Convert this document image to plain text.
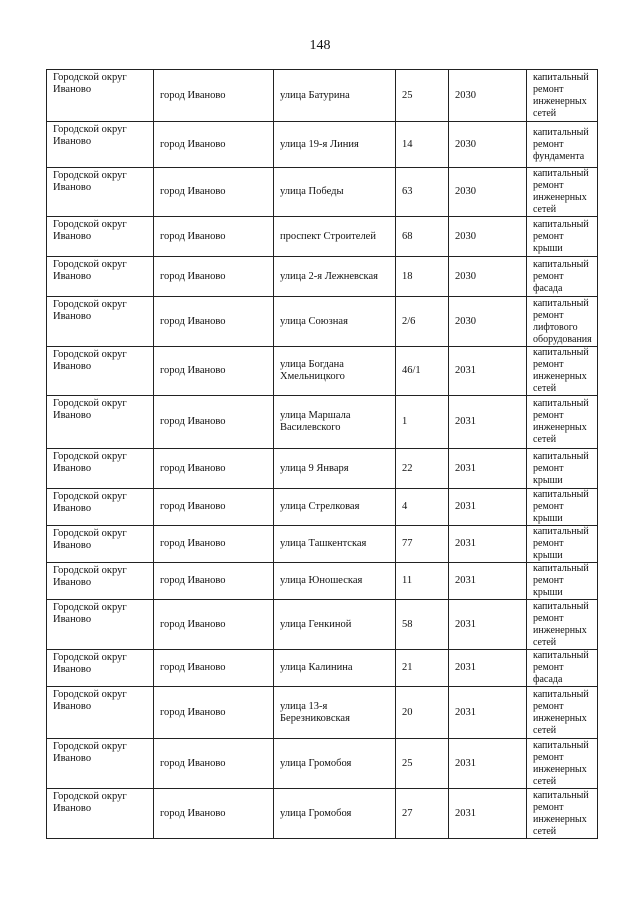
148
Городской округ Иваново	город Иваново	улица Батурина	25	2030	капитальный ремонт инженерных сетей
Городской округ Иваново	город Иваново	улица 19-я Линия	14	2030	капитальный ремонт фундамента
Городской округ Иваново	город Иваново	улица Победы	63	2030	капитальный ремонт инженерных сетей
Городской округ Иваново	город Иваново	проспект Строителей	68	2030	капитальный ремонт крыши
Городской округ Иваново	город Иваново	улица 2-я Лежневская	18	2030	капитальный ремонт фасада
Городской округ Иваново	город Иваново	улица Союзная	2/6	2030	капитальный ремонт лифтового оборудования
Городской округ Иваново	город Иваново	улица Богдана Хмельницкого	46/1	2031	капитальный ремонт инженерных сетей
Городской округ Иваново	город Иваново	улица Маршала Василевского	1	2031	капитальный ремонт инженерных сетей
Городской округ Иваново	город Иваново	улица 9 Января	22	2031	капитальный ремонт крыши
Городской округ Иваново	город Иваново	улица Стрелковая	4	2031	капитальный ремонт крыши
Городской округ Иваново	город Иваново	улица Ташкентская	77	2031	капитальный ремонт крыши
Городской округ Иваново	город Иваново	улица Юношеская	11	2031	капитальный ремонт крыши
Городской округ Иваново	город Иваново	улица Генкиной	58	2031	капитальный ремонт инженерных сетей
Городской округ Иваново	город Иваново	улица Калинина	21	2031	капитальный ремонт фасада
Городской округ Иваново	город Иваново	улица 13-я Березниковская	20	2031	капитальный ремонт инженерных сетей
Городской округ Иваново	город Иваново	улица Громобоя	25	2031	капитальный ремонт инженерных сетей
Городской округ Иваново	город Иваново	улица Громобоя	27	2031	капитальный ремонт инженерных сетей
